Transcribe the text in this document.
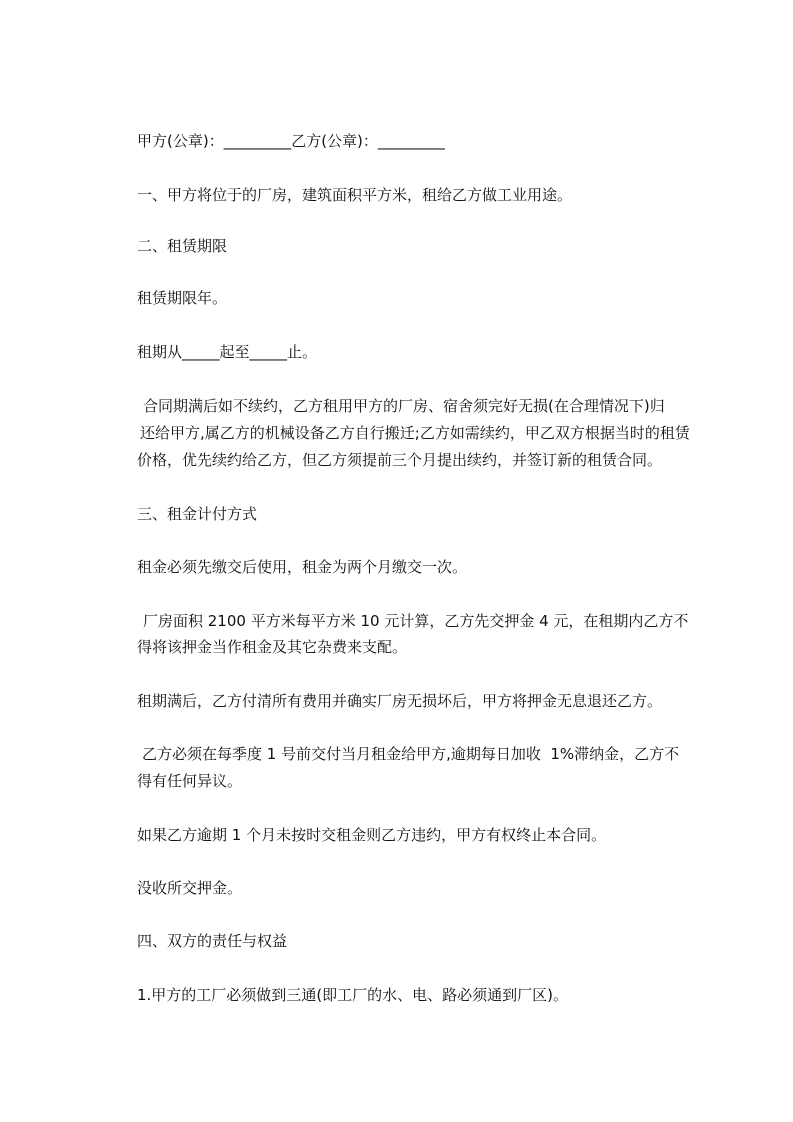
甲方(公章)：_________乙方(公章)：_________
一、甲方将位于的厂房，建筑面积平方米，租给乙方做工业用途。
二、租赁期限
租赁期限年。
租期从_____起至_____止。
合同期满后如不续约，乙方租用甲方的厂房、宿舍须完好无损(在合理情况下)归
还给甲方,属乙方的机械设备乙方自行搬迁;乙方如需续约，甲乙双方根据当时的租赁
价格，优先续约给乙方，但乙方须提前三个月提出续约，并签订新的租赁合同。
三、租金计付方式
租金必须先缴交后使用，租金为两个月缴交一次。
厂房面积 2100 平方米每平方米 10 元计算，乙方先交押金 4 元，在租期内乙方不
得将该押金当作租金及其它杂费来支配。
租期满后，乙方付清所有费用并确实厂房无损坏后，甲方将押金无息退还乙方。
乙方必须在每季度 1 号前交付当月租金给甲方,逾期每日加收  1%滞纳金，乙方不
得有任何异议。
如果乙方逾期 1 个月未按时交租金则乙方违约，甲方有权终止本合同。
没收所交押金。
四、双方的责任与权益
1.甲方的工厂必须做到三通(即工厂的水、电、路必须通到厂区)。
